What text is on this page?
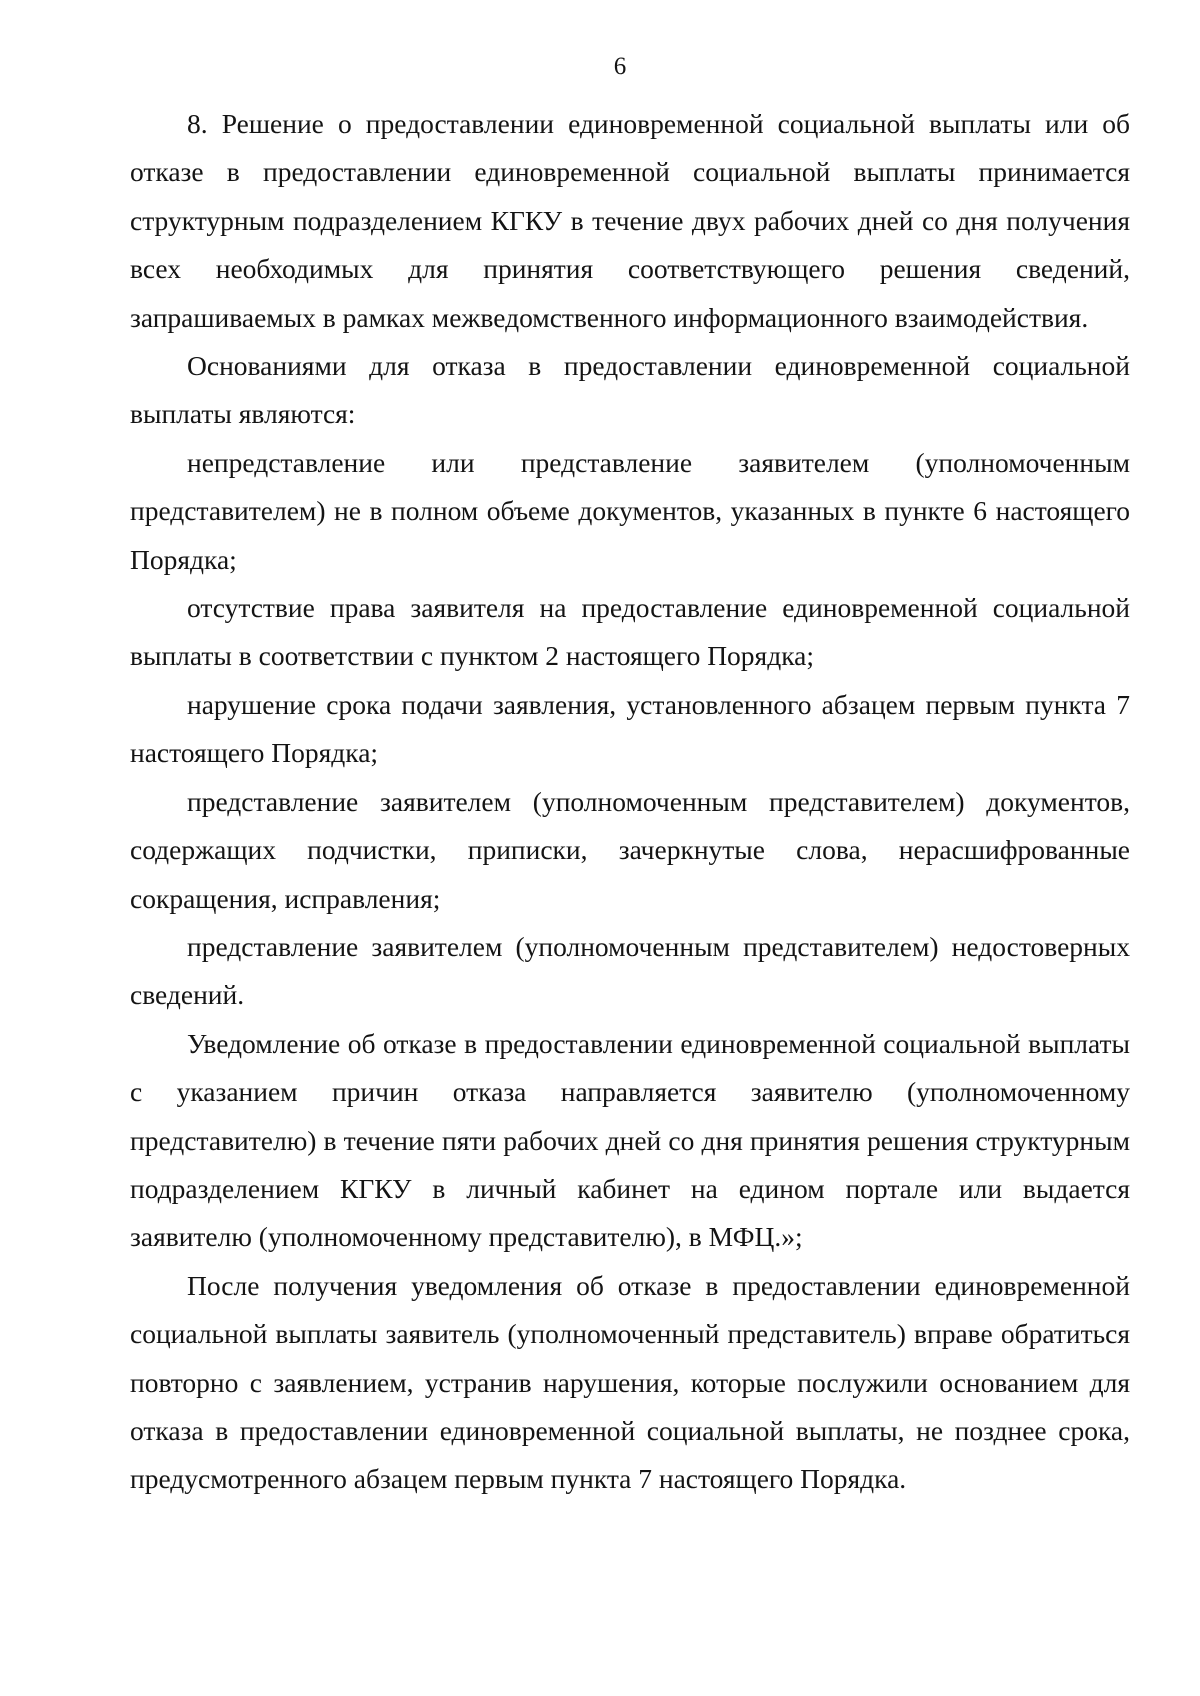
6

8. Решение о предоставлении единовременной социальной выплаты или об отказе в предоставлении единовременной социальной выплаты принимается структурным подразделением КГКУ в течение двух рабочих дней со дня получения всех необходимых для принятия соответствующего решения сведений, запрашиваемых в рамках межведомственного информационного взаимодействия.

Основаниями для отказа в предоставлении единовременной социальной выплаты являются:

непредставление или представление заявителем (уполномоченным представителем) не в полном объеме документов, указанных в пункте 6 настоящего Порядка;

отсутствие права заявителя на предоставление единовременной социальной выплаты в соответствии с пунктом 2 настоящего Порядка;

нарушение срока подачи заявления, установленного абзацем первым пункта 7 настоящего Порядка;

представление заявителем (уполномоченным представителем) документов, содержащих подчистки, приписки, зачеркнутые слова, нерасшифрованные сокращения, исправления;

представление заявителем (уполномоченным представителем) недостоверных сведений.

Уведомление об отказе в предоставлении единовременной социальной выплаты с указанием причин отказа направляется заявителю (уполномоченному представителю) в течение пяти рабочих дней со дня принятия решения структурным подразделением КГКУ в личный кабинет на едином портале или выдается заявителю (уполномоченному представителю), в МФЦ.»;

После получения уведомления об отказе в предоставлении единовременной социальной выплаты заявитель (уполномоченный представитель) вправе обратиться повторно с заявлением, устранив нарушения, которые послужили основанием для отказа в предоставлении единовременной социальной выплаты, не позднее срока, предусмотренного абзацем первым пункта 7 настоящего Порядка.
